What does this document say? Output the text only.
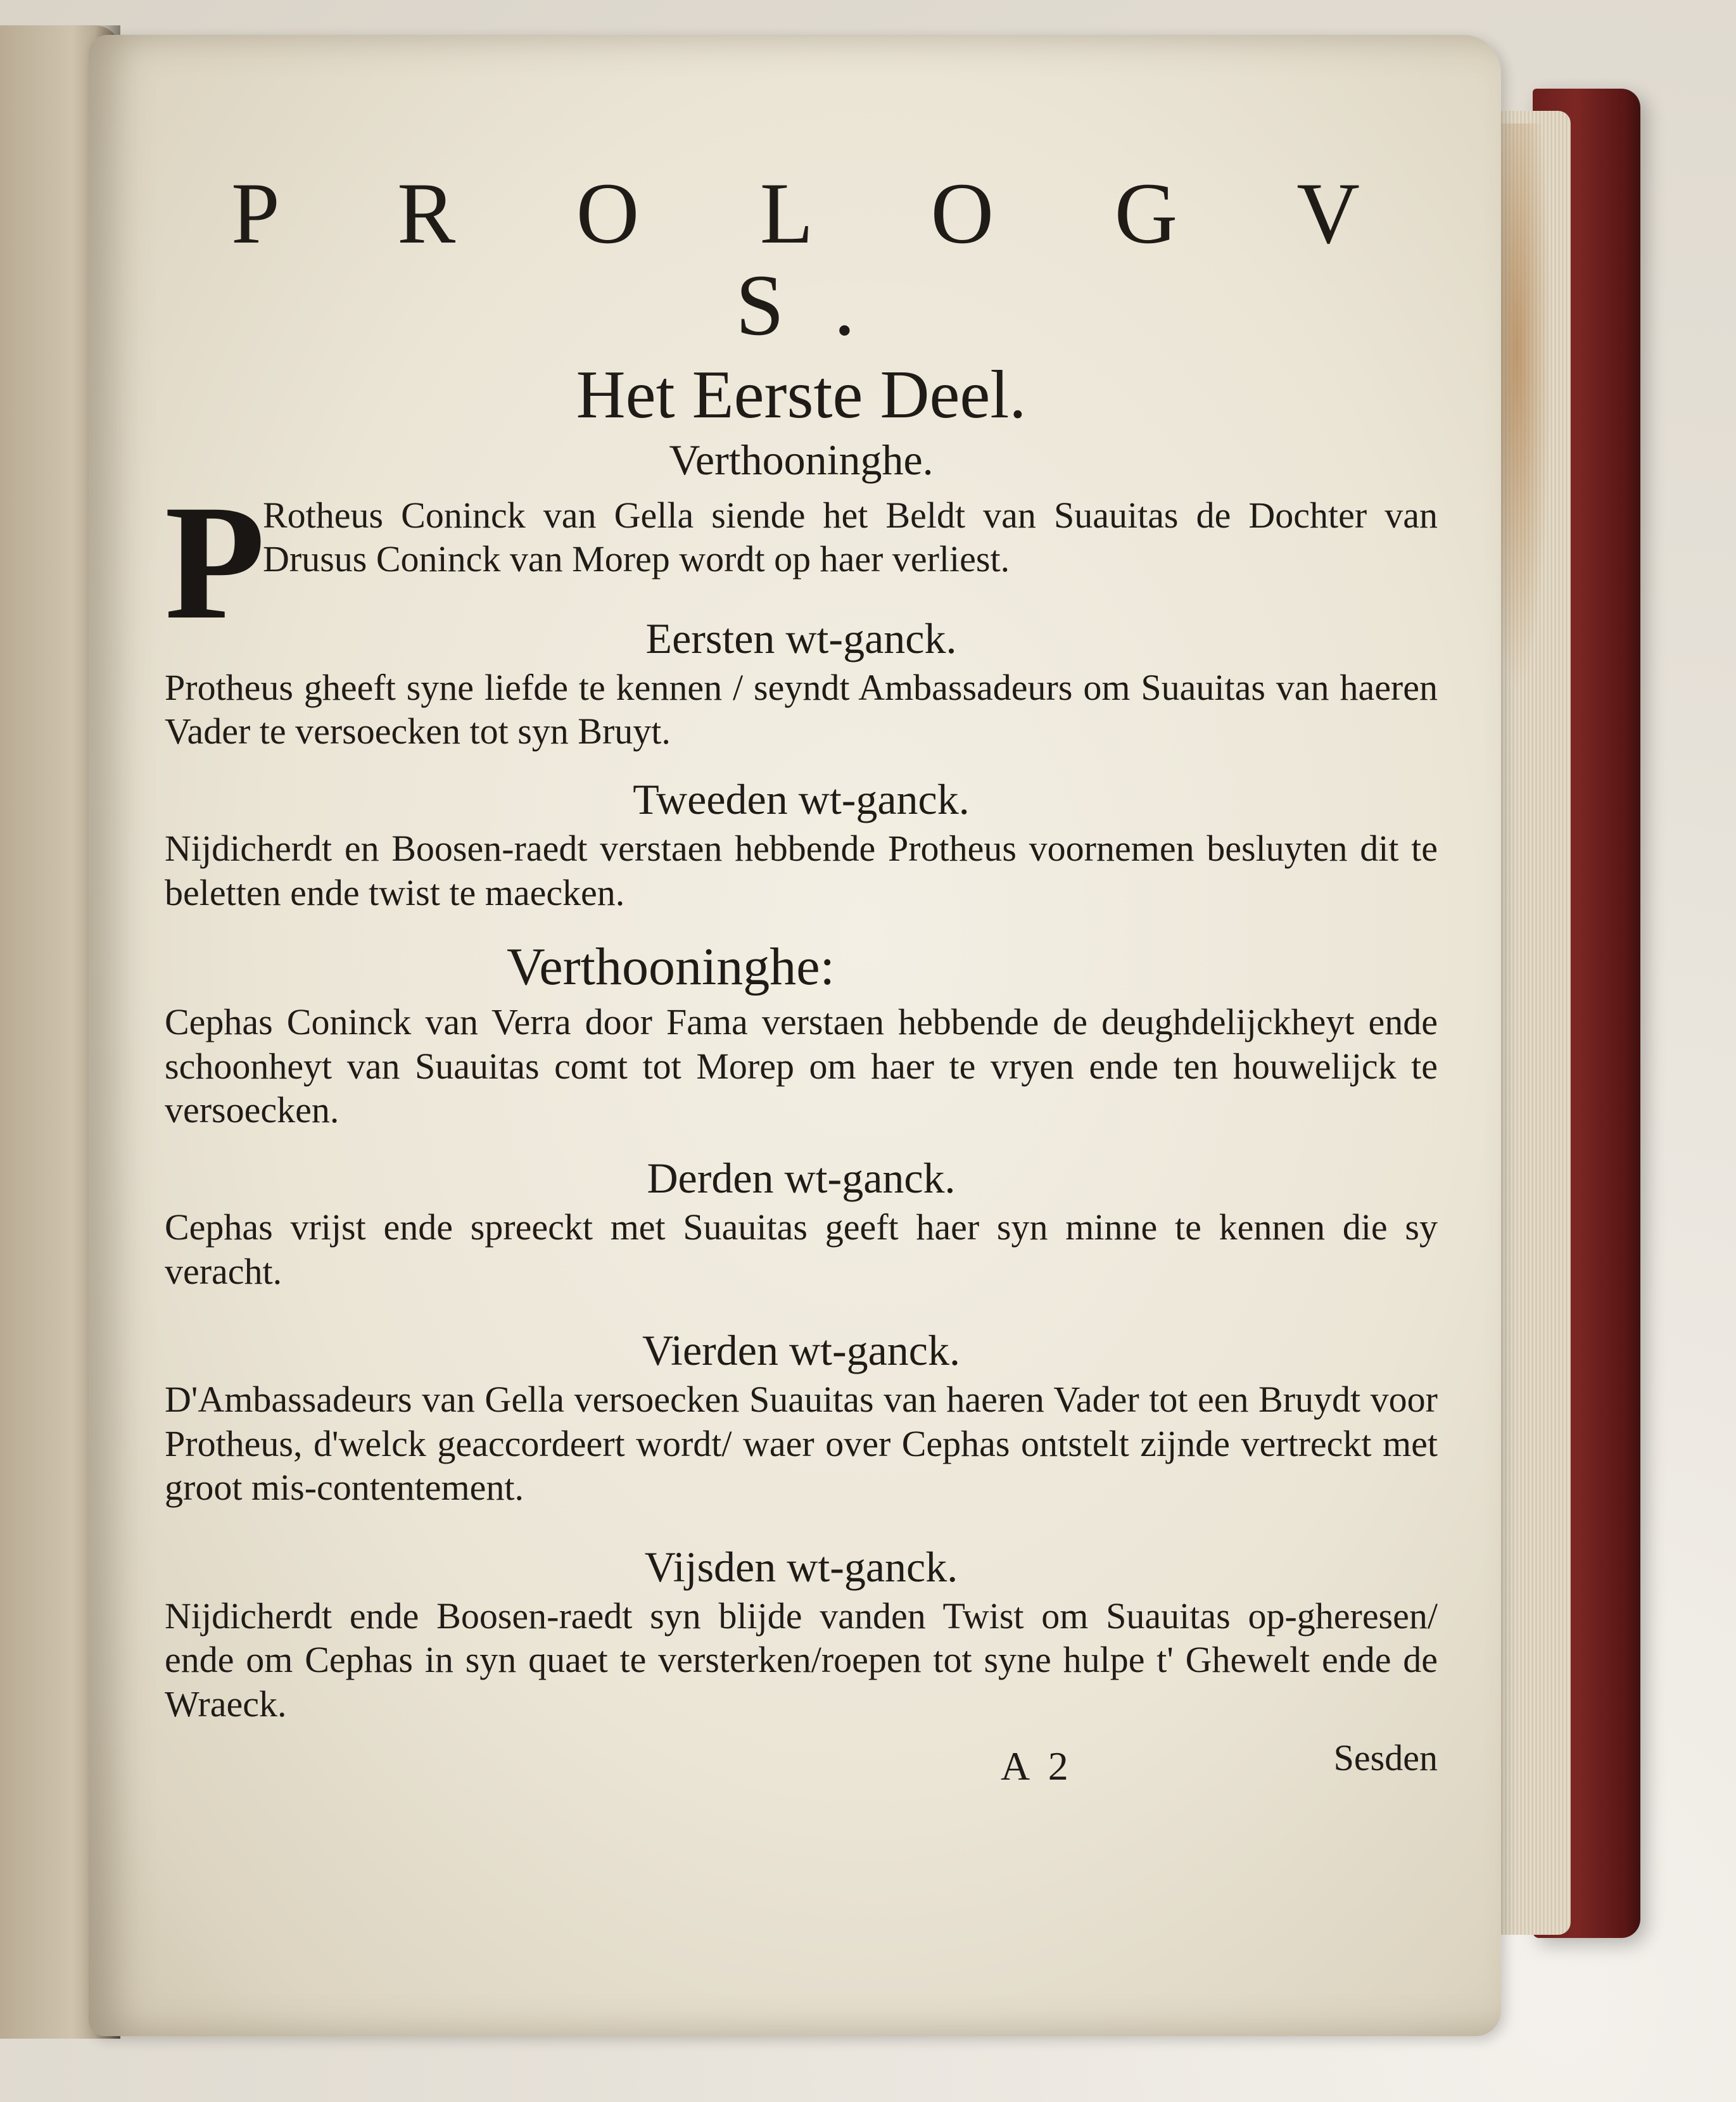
P R O L O G V S.
Het Eerste Deel.
Verthooninghe.

P
Rotheus Coninck van Gella siende het Beldt van Suauitas de Dochter van Drusus Coninck van Morep wordt op haer verliest.

Eersten wt-ganck.

Protheus gheeft syne liefde te kennen / seyndt Ambassadeurs om Suauitas van haeren Vader te versoecken tot syn Bruyt.

Tweeden wt-ganck.

Nijdicherdt en Boosen-raedt verstaen hebbende Protheus voornemen besluyten dit te beletten ende twist te maecken.

Verthooninghe:

Cephas Coninck van Verra door Fama verstaen hebbende de deughdelijckheyt ende schoonheyt van Suauitas comt tot Morep om haer te vryen ende ten houwelijck te versoecken.

Derden wt-ganck.

Cephas vrijst ende spreeckt met Suauitas geeft haer syn minne te kennen die sy veracht.

Vierden wt-ganck.

D'Ambassadeurs van Gella versoecken Suauitas van haeren Vader tot een Bruydt voor Protheus, d'welck geaccordeert wordt/ waer over Cephas ontstelt zijnde vertreckt met groot mis-contentement.

Vijsden wt-ganck.

Nijdicherdt ende Boosen-raedt syn blijde vanden Twist om Suauitas op-gheresen/ ende om Cephas in syn quaet te versterken/roepen tot syne hulpe t' Ghewelt ende de Wraeck.

A 2	Sesden
